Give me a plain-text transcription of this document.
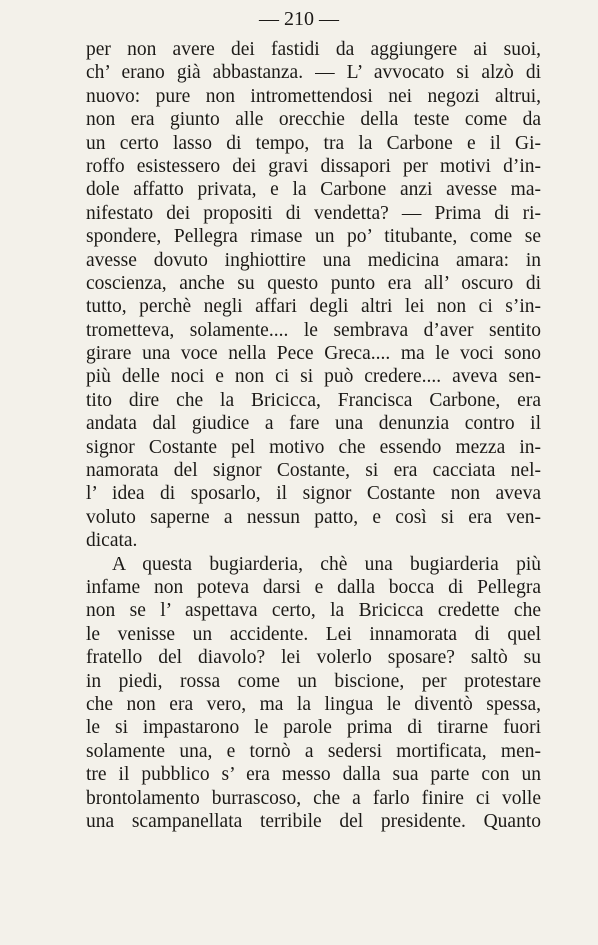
— 210 —
per non avere dei fastidi da aggiungere ai suoi,
ch’ erano già abbastanza. — L’ avvocato si alzò di
nuovo: pure non intromettendosi nei negozi altrui,
non era giunto alle orecchie della teste come da
un certo lasso di tempo, tra la Carbone e il Gi-
roffo esistessero dei gravi dissapori per motivi d’in-
dole affatto privata, e la Carbone anzi avesse ma-
nifestato dei propositi di vendetta? — Prima di ri-
spondere, Pellegra rimase un po’ titubante, come se
avesse dovuto inghiottire una medicina amara: in
coscienza, anche su questo punto era all’ oscuro di
tutto, perchè negli affari degli altri lei non ci s’in-
trometteva, solamente.... le sembrava d’aver sentito
girare una voce nella Pece Greca.... ma le voci sono
più delle noci e non ci si può credere.... aveva sen-
tito dire che la Bricicca, Francisca Carbone, era
andata dal giudice a fare una denunzia contro il
signor Costante pel motivo che essendo mezza in-
namorata del signor Costante, si era cacciata nel-
l’ idea di sposarlo, il signor Costante non aveva
voluto saperne a nessun patto, e così si era ven-
dicata.
A questa bugiarderia, chè una bugiarderia più
infame non poteva darsi e dalla bocca di Pellegra
non se l’ aspettava certo, la Bricicca credette che
le venisse un accidente. Lei innamorata di quel
fratello del diavolo? lei volerlo sposare? saltò su
in piedi, rossa come un biscione, per protestare
che non era vero, ma la lingua le diventò spessa,
le si impastarono le parole prima di tirarne fuori
solamente una, e tornò a sedersi mortificata, men-
tre il pubblico s’ era messo dalla sua parte con un
brontolamento burrascoso, che a farlo finire ci volle
una scampanellata terribile del presidente. Quanto
